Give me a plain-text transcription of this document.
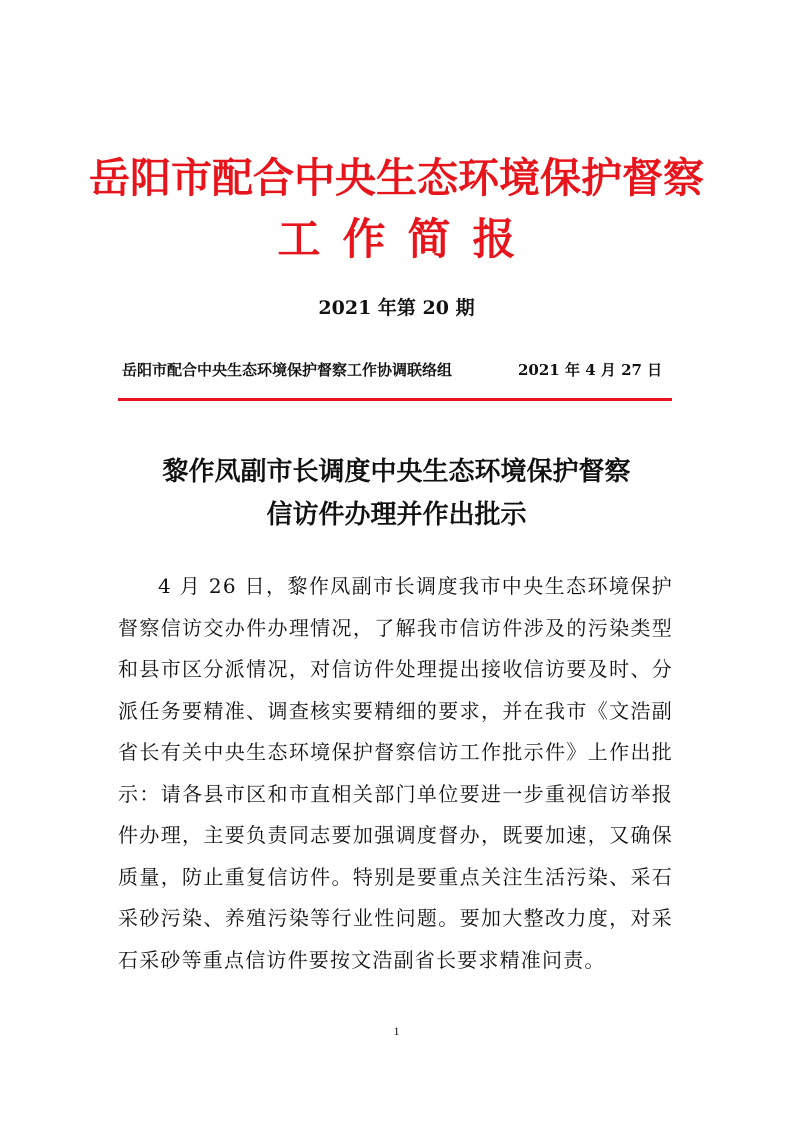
岳阳市配合中央生态环境保护督察
工作简报
2021 年第 20 期
岳阳市配合中央生态环境保护督察工作协调联络组	2021 年 4 月 27 日
黎作凤副市长调度中央生态环境保护督察
信访件办理并作出批示
4 月 26 日，黎作凤副市长调度我市中央生态环境保护督察信访交办件办理情况，了解我市信访件涉及的污染类型和县市区分派情况，对信访件处理提出接收信访要及时、分派任务要精准、调查核实要精细的要求，并在我市《文浩副省长有关中央生态环境保护督察信访工作批示件》上作出批示：请各县市区和市直相关部门单位要进一步重视信访举报件办理，主要负责同志要加强调度督办，既要加速，又确保质量，防止重复信访件。特别是要重点关注生活污染、采石采砂污染、养殖污染等行业性问题。要加大整改力度，对采石采砂等重点信访件要按文浩副省长要求精准问责。
1
